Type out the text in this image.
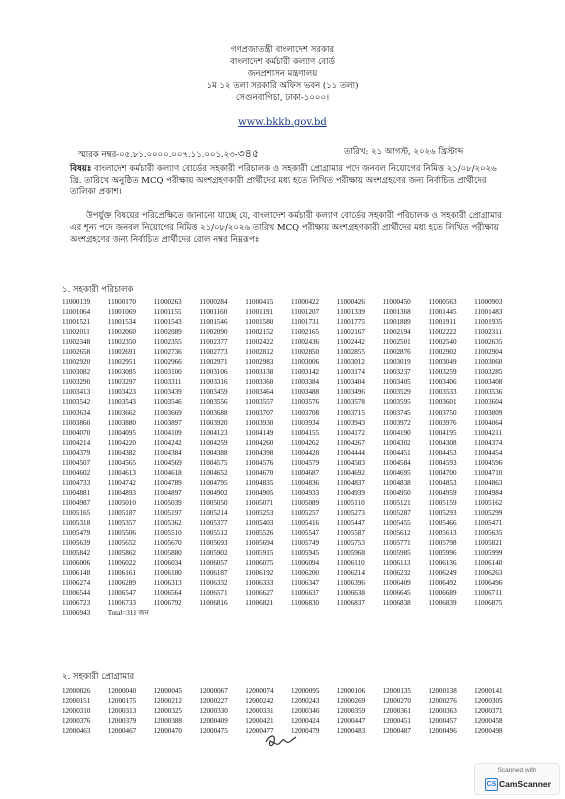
গণপ্রজাতন্ত্রী বাংলাদেশ সরকার
বাংলাদেশ কর্মচারী কল্যাণ বোর্ড
জনপ্রশাসন মন্ত্রণালয়
১ম ১২ তলা সরকারি অফিস ভবন (১১ তলা)
সেগুনবাগিচা, ঢাকা-১০০০।
www.bkkb.gov.bd
স্মারক নম্বর-০৫.৮১.০০০০.০০৭.১১.০০১.২৩-৩৪৫	তারিখ: ২১ আগস্ট, ২০২৬ খ্রিস্টাব্দ
বিষয়ঃ বাংলাদেশ কর্মচারী কল্যাণ বোর্ডের সহকারী পরিচালক ও সহকারী প্রোগ্রামার পদে জনবল নিয়োগের নিমিত্ত ২১/০৮/২০২৬ খ্রি. তারিখে অনুষ্ঠিত MCQ পরীক্ষায় অংশগ্রহণকারী প্রার্থীদের মধ্য হতে লিখিত পরীক্ষায় অংশগ্রহণের জন্য নির্বাচিত প্রার্থীদের তালিকা প্রকাশ।
উপর্যুক্ত বিষয়ের পরিপ্রেক্ষিতে জানানো যাচ্ছে যে, বাংলাদেশ কর্মচারী কল্যাণ বোর্ডের সহকারী পরিচালক ও সহকারী প্রোগ্রামার এর শূন্য পদে জনবল নিয়োগের নিমিত্ত ২১/০৮/২০২৬ তারিখ MCQ পরীক্ষায় অংশগ্রহণকারী প্রার্থীদের মধ্য হতে লিখিত পরীক্ষায় অংশগ্রহণের জন্য নির্বাচিত প্রার্থীদের রোল নম্বর নিম্নরূপঃ
১. সহকারী পরিচালক
11000139	11000170	11000263	11000284	11000415	11000422	11000426	11000450	11000563	11000903
11001064	11001069	11001155	11001160	11001191	11001207	11001339	11001368	11001445	11001483
11001521	11001534	11001543	11001546	11001580	11001731	11001775	11001889	11001911	11001935
11002011	11002060	11002089	11002090	11002152	11002165	11002167	11002194	11002222	11002311
11002348	11002350	11002355	11002377	11002422	11002436	11002442	11002501	11002540	11002635
11002658	11002691	11002736	11002773	11002812	11002850	11002855	11002876	11002902	11002904
11002920	11002951	11002966	11002971	11002983	11003006	11003012	11003019	11003049	11003060
11003082	11003085	11003100	11003106	11003138	11003142	11003174	11003237	11003259	11003285
11003290	11003297	11003311	11003316	11003360	11003384	11003404	11003405	11003406	11003408
11003413	11003423	11003439	11003459	11003464	11003488	11003496	11003529	11003533	11003536
11003542	11003543	11003546	11003556	11003557	11003576	11003578	11003595	11003601	11003604
11003634	11003662	11003669	11003688	11003707	11003708	11003715	11003745	11003750	11003809
11003860	11003880	11003897	11003920	11003930	11003934	11003943	11003972	11003976	11004064
11004070	11004095	11004109	11004123	11004149	11004155	11004172	11004190	11004195	11004211
11004214	11004220	11004242	11004259	11004260	11004262	11004267	11004302	11004308	11004374
11004379	11004382	11004384	11004388	11004398	11004428	11004444	11004451	11004453	11004454
11004507	11004565	11004569	11004575	11004576	11004579	11004583	11004584	11004593	11004596
11004602	11004613	11004618	11004652	11004670	11004687	11004692	11004695	11004700	11004710
11004733	11004742	11004789	11004795	11004835	11004836	11004837	11004838	11004853	11004863
11004881	11004893	11004897	11004902	11004905	11004933	11004939	11004950	11004959	11004984
11004987	11005010	11005039	11005050	11005071	11005089	11005110	11005121	11005159	11005162
11005165	11005187	11005197	11005214	11005253	11005257	11005273	11005287	11005293	11005299
11005318	11005357	11005362	11005377	11005403	11005416	11005447	11005455	11005466	11005471
11005479	11005506	11005510	11005512	11005526	11005547	11005587	11005612	11005613	11005635
11005639	11005652	11005670	11005693	11005694	11005749	11005753	11005771	11005798	11005821
11005842	11005862	11005880	11005902	11005915	11005945	11005968	11005985	11005996	11005999
11006006	11006022	11006034	11006057	11006075	11006094	11006110	11006113	11006136	11006140
11006148	11006161	11006180	11006187	11006192	11006200	11006214	11006232	11006249	11006263
11006274	11006289	11006313	11006332	11006333	11006347	11006396	11006409	11006492	11006496
11006544	11006547	11006564	11006571	11006627	11006637	11006638	11006645	11006689	11006711
11006723	11006733	11006792	11006816	11006821	11006830	11006837	11006838	11006839	11006875
11006943	Total=311 জন
২. সহকারী প্রোগ্রামার
12000026	12000040	12000045	12000067	12000074	12000095	12000106	12000135	12000138	12000141
12000151	12000175	12000212	12000227	12000242	12000243	12000269	12000270	12000276	12000305
12000310	12000313	12000325	12000330	12000331	12000346	12000359	12000361	12000363	12000371
12000376	12000379	12000388	12000409	12000421	12000424	12000447	12000451	12000457	12000458
12000463	12000467	12000470	12000475	12000477	12000479	12000483	12000487	12000496	12000498
Scanned with
CS CamScanner
